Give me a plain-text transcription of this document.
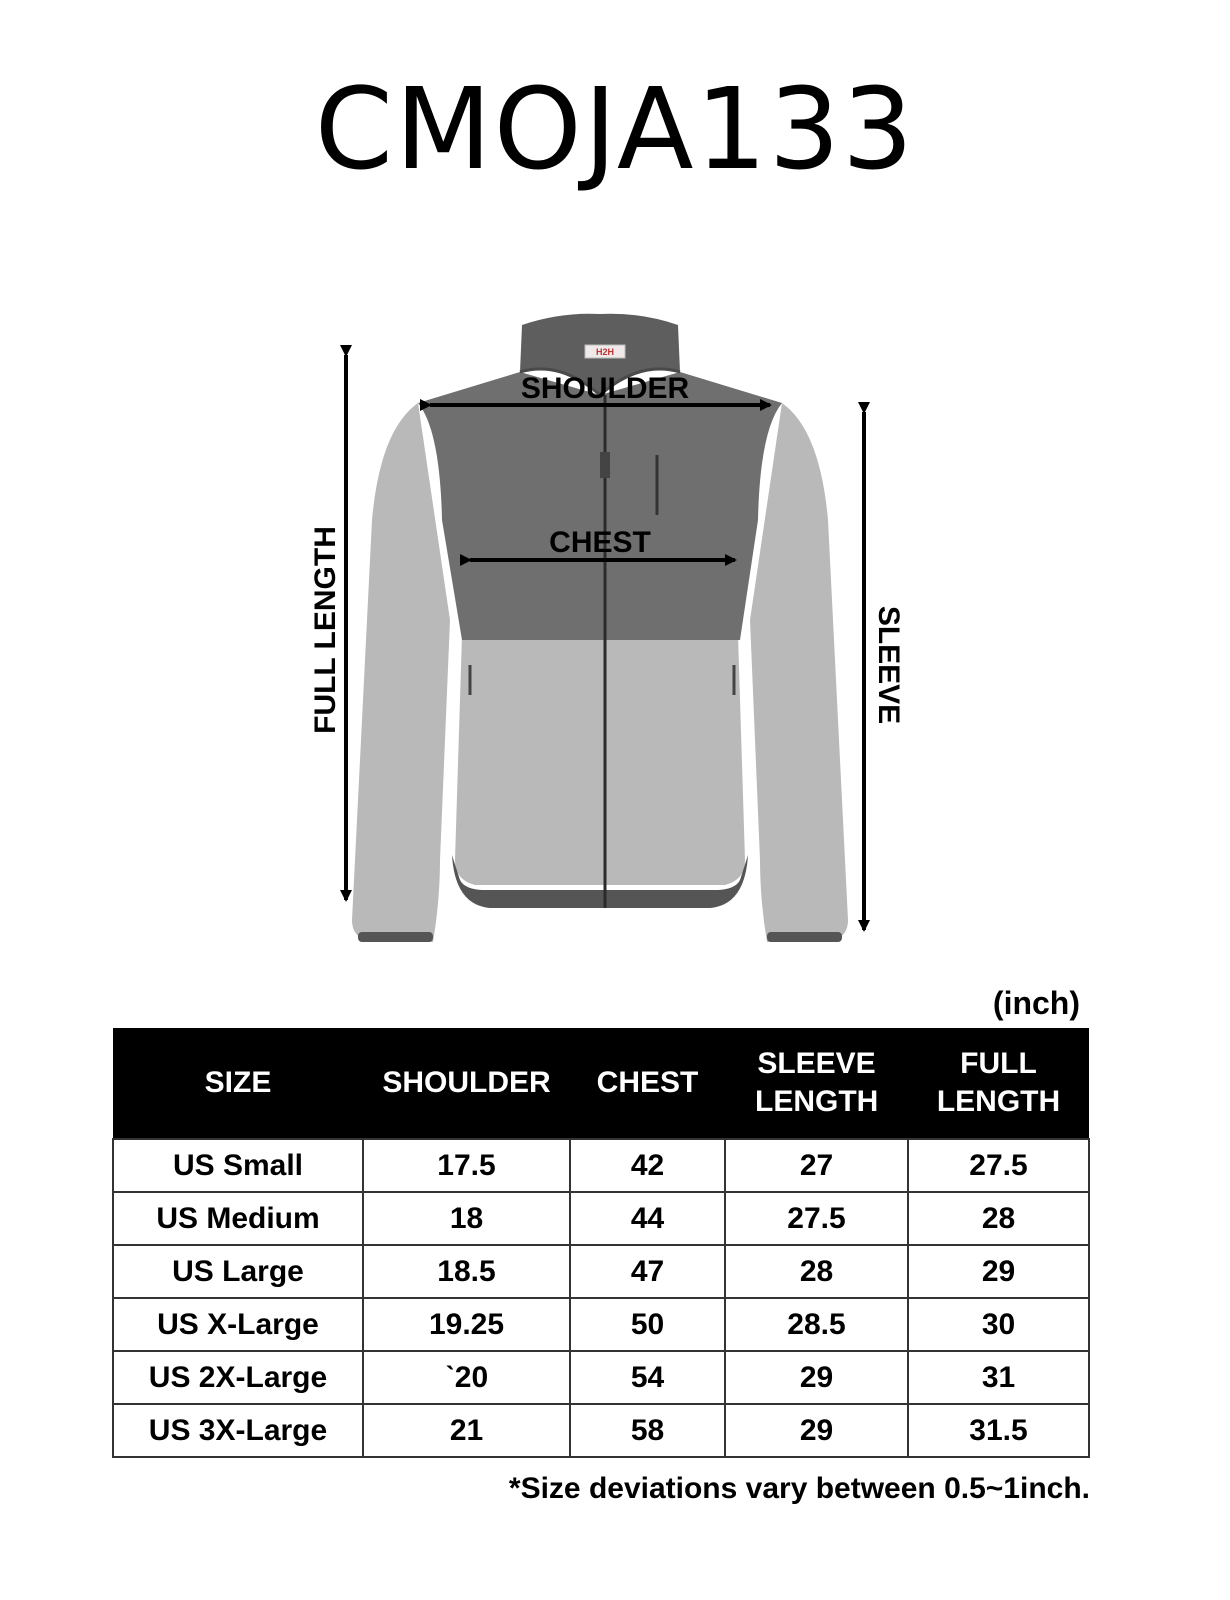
CMOJA133
H2H
SHOULDER
CHEST
FULL LENGTH	SLEEVE
(inch)
SIZE	SHOULDER	CHEST	SLEEVE LENGTH	FULL LENGTH
US Small	17.5	42	27	27.5
US Medium	18	44	27.5	28
US Large	18.5	47	28	29
US X-Large	19.25	50	28.5	30
US 2X-Large	ˋ20	54	29	31
US 3X-Large	21	58	29	31.5
*Size deviations vary between 0.5~1inch.
